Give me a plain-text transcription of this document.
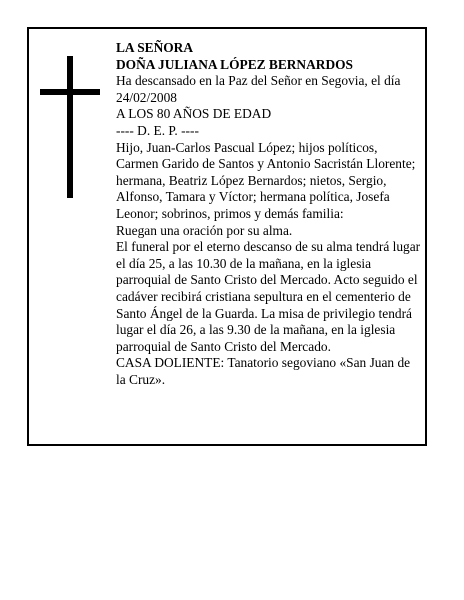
LA SEÑORA

DOÑA JULIANA LÓPEZ BERNARDOS

Ha descansado en la Paz del Señor en Segovia, el día 24/02/2008

A LOS 80 AÑOS DE EDAD

---- D. E. P. ----

Hijo, Juan-Carlos Pascual López; hijos políticos, Carmen Garido de Santos y Antonio Sacristán Llorente; hermana, Beatriz López Bernardos; nietos, Sergio, Alfonso, Tamara y Víctor; hermana política, Josefa Leonor; sobrinos, primos y demás familia:

Ruegan una oración por su alma.

El funeral por el eterno descanso de su alma tendrá lugar el día 25, a las 10.30 de la mañana, en la iglesia parroquial de Santo Cristo del Mercado. Acto seguido el cadáver recibirá cristiana sepultura en el cementerio de Santo Ángel de la Guarda. La misa de privilegio tendrá lugar el día 26, a las 9.30 de la mañana, en la iglesia parroquial de Santo Cristo del Mercado.

CASA DOLIENTE: Tanatorio segoviano «San Juan de la Cruz».
